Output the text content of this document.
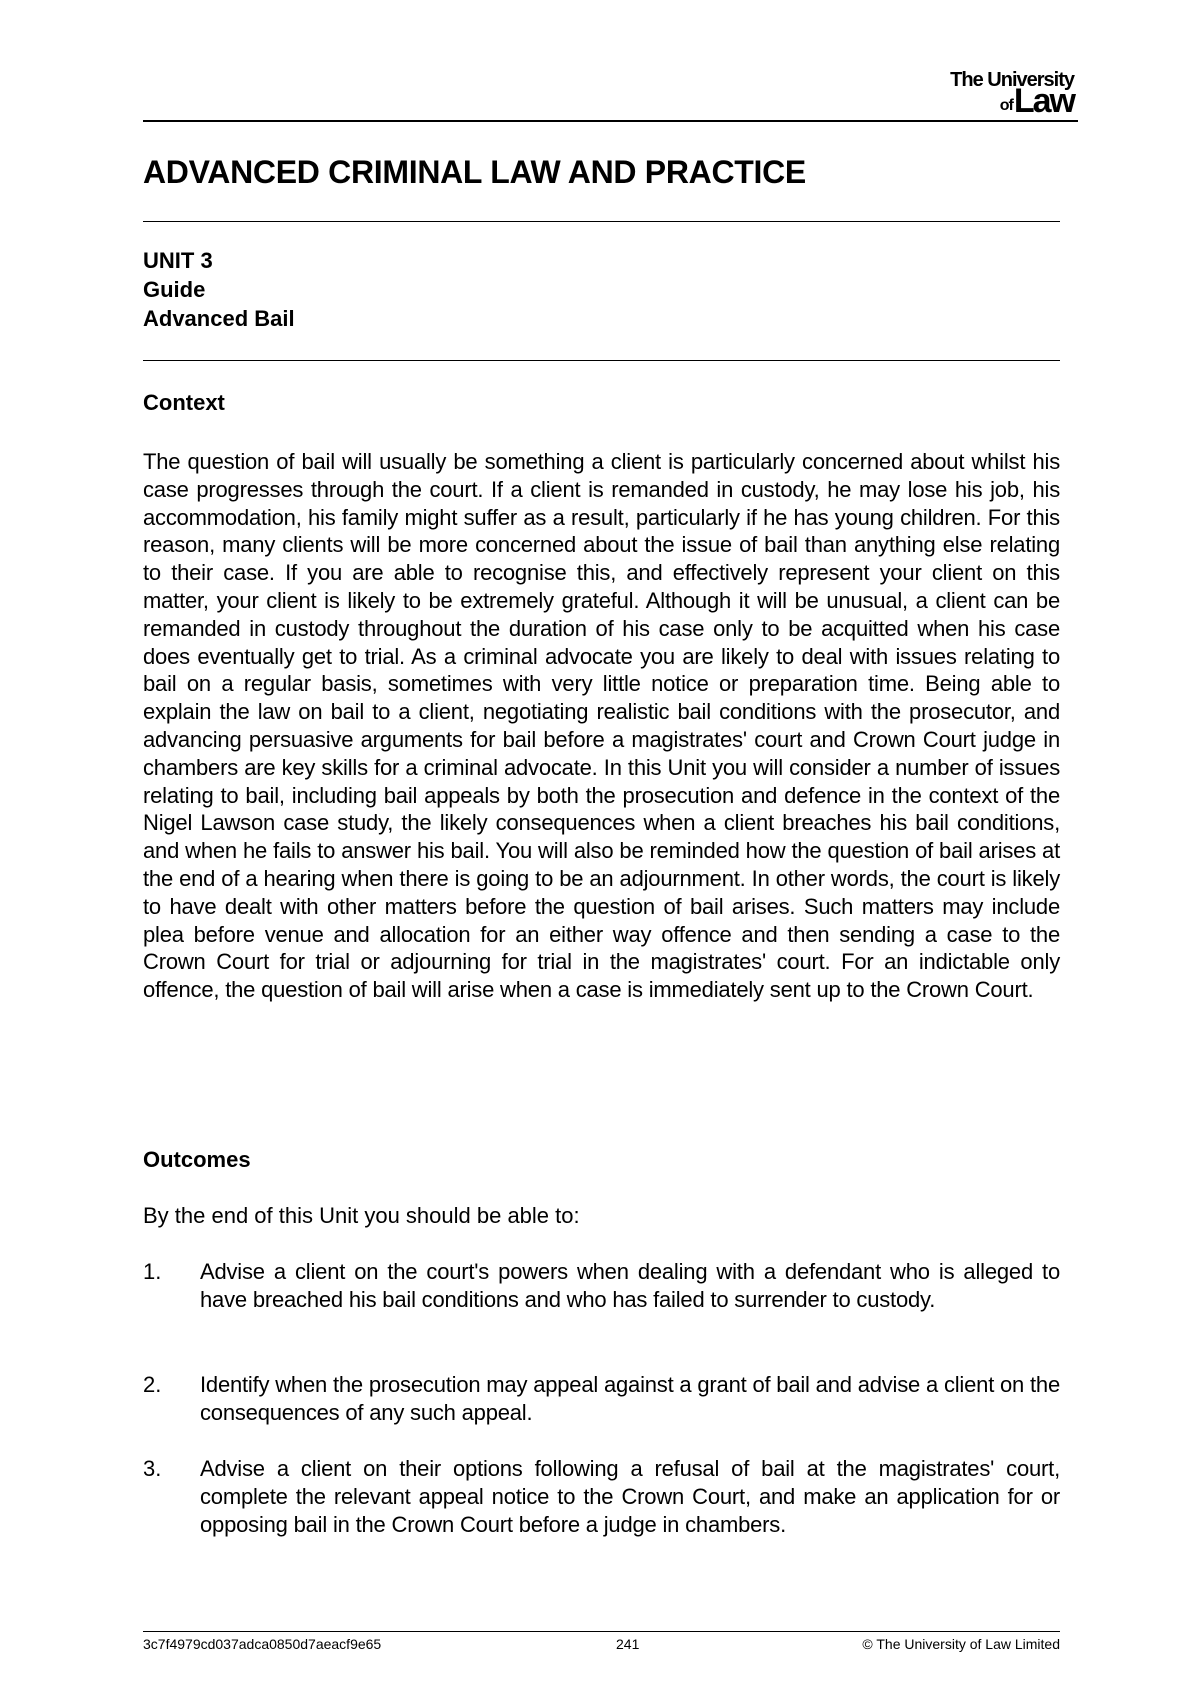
The University
ofLaw
ADVANCED CRIMINAL LAW AND PRACTICE
UNIT 3
Guide
Advanced Bail
Context

The question of bail will usually be something a client is particularly concerned about whilst his case progresses through the court. If a client is remanded in custody, he may lose his job, his accommodation, his family might suffer as a result, particularly if he has young children. For this reason, many clients will be more concerned about the issue of bail than anything else relating to their case. If you are able to recognise this, and effectively represent your client on this matter, your client is likely to be extremely grateful. Although it will be unusual, a client can be remanded in custody throughout the duration of his case only to be acquitted when his case does eventually get to trial. As a criminal advocate you are likely to deal with issues relating to bail on a regular basis, sometimes with very little notice or preparation time. Being able to explain the law on bail to a client, negotiating realistic bail conditions with the prosecutor, and advancing persuasive arguments for bail before a magistrates' court and Crown Court judge in chambers are key skills for a criminal advocate. In this Unit you will consider a number of issues relating to bail, including bail appeals by both the prosecution and defence in the context of the Nigel Lawson case study, the likely consequences when a client breaches his bail conditions, and when he fails to answer his bail. You will also be reminded how the question of bail arises at the end of a hearing when there is going to be an adjournment. In other words, the court is likely to have dealt with other matters before the question of bail arises. Such matters may include plea before venue and allocation for an either way offence and then sending a case to the Crown Court for trial or adjourning for trial in the magistrates' court. For an indictable only offence, the question of bail will arise when a case is immediately sent up to the Crown Court.

Outcomes

By the end of this Unit you should be able to:

1. Advise a client on the court's powers when dealing with a defendant who is alleged to have breached his bail conditions and who has failed to surrender to custody.
2. Identify when the prosecution may appeal against a grant of bail and advise a client on the consequences of any such appeal.
3. Advise a client on their options following a refusal of bail at the magistrates' court, complete the relevant appeal notice to the Crown Court, and make an application for or opposing bail in the Crown Court before a judge in chambers.
3c7f4979cd037adca0850d7aeacf9e65	241	© The University of Law Limited
